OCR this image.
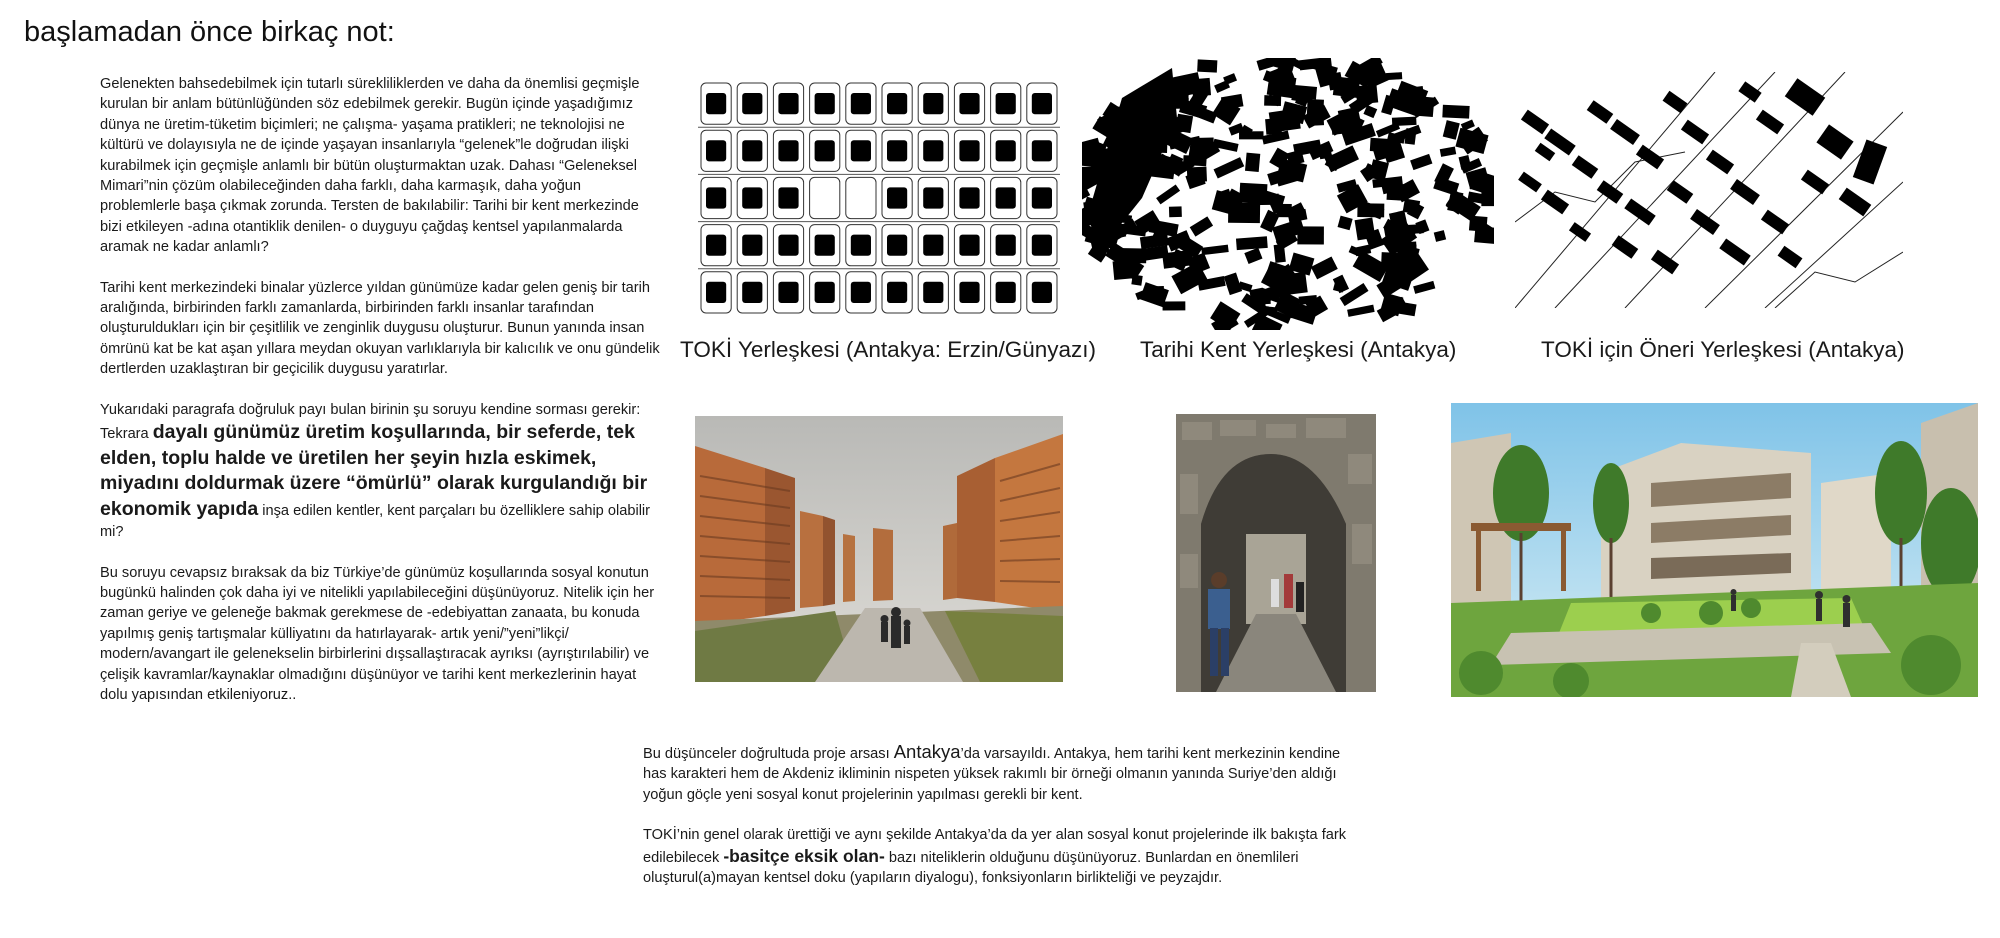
başlamadan önce birkaç not:

Gelenekten bahsedebilmek için tutarlı sürekliliklerden ve daha da önemlisi geçmişle kurulan bir anlam bütünlüğünden söz edebilmek gerekir. Bugün içinde yaşadığımız dünya ne üretim-tüketim biçimleri; ne çalışma- yaşama pratikleri; ne teknolojisi ne kültürü ve dolayısıyla ne de içinde yaşayan insanlarıyla “gelenek”le doğrudan ilişki kurabilmek için geçmişle anlamlı bir bütün oluşturmaktan uzak. Dahası “Geleneksel Mimari”nin çözüm olabileceğinden daha farklı, daha karmaşık, daha yoğun problemlerle başa çıkmak zorunda. Tersten de bakılabilir: Tarihi bir kent merkezinde bizi etkileyen -adına otantiklik denilen- o duyguyu çağdaş kentsel yapılanmalarda aramak ne kadar anlamlı?

Tarihi kent merkezindeki binalar yüzlerce yıldan günümüze kadar gelen geniş bir tarih aralığında, birbirinden farklı zamanlarda, birbirinden farklı insanlar tarafından oluşturuldukları için bir çeşitlilik ve zenginlik duygusu oluşturur. Bunun yanında insan ömrünü kat be kat aşan yıllara meydan okuyan varlıklarıyla bir kalıcılık ve onu gündelik dertlerden uzaklaştıran bir geçicilik duygusu yaratırlar.

Yukarıdaki paragrafa doğruluk payı bulan birinin şu soruyu kendine sorması gerekir: Tekrara dayalı günümüz üretim koşullarında, bir seferde, tek elden, toplu halde ve üretilen her şeyin hızla eskimek, miyadını doldurmak üzere “ömürlü” olarak kurgulandığı bir ekonomik yapıda inşa edilen kentler, kent parçaları bu özelliklere sahip olabilir mi?

Bu soruyu cevapsız bıraksak da biz Türkiye’de günümüz koşullarında sosyal konutun bugünkü halinden çok daha iyi ve nitelikli yapılabileceğini düşünüyoruz. Nitelik için her zaman geriye ve geleneğe bakmak gerekmese de -edebiyattan zanaata, bu konuda yapılmış geniş tartışmalar külliyatını da hatırlayarak- artık yeni/”yeni”likçi/ modern/avangart ile gelenekselin birbirlerini dışsallaştıracak ayrıksı (ayrıştırılabilir) ve çelişik kavramlar/kaynaklar olmadığını düşünüyor ve tarihi kent merkezlerinin hayat dolu yapısından etkileniyoruz..

TOKİ Yerleşkesi (Antakya: Erzin/Günyazı) Tarihi Kent Yerleşkesi (Antakya)	TOKİ için Öneri Yerleşkesi (Antakya)

Bu düşünceler doğrultuda proje arsası Antakya’da varsayıldı. Antakya, hem tarihi kent merkezinin kendine has karakteri hem de Akdeniz ikliminin nispeten yüksek rakımlı bir örneği olmanın yanında Suriye’den aldığı yoğun göçle yeni sosyal konut projelerinin yapılması gerekli bir kent.

TOKİ’nin genel olarak ürettiği ve aynı şekilde Antakya’da da yer alan sosyal konut projelerinde ilk bakışta fark edilebilecek -basitçe eksik olan- bazı niteliklerin olduğunu düşünüyoruz. Bunlardan en önemlileri oluşturul(a)mayan kentsel doku (yapıların diyalogu), fonksiyonların birlikteliği ve peyzajdır.
